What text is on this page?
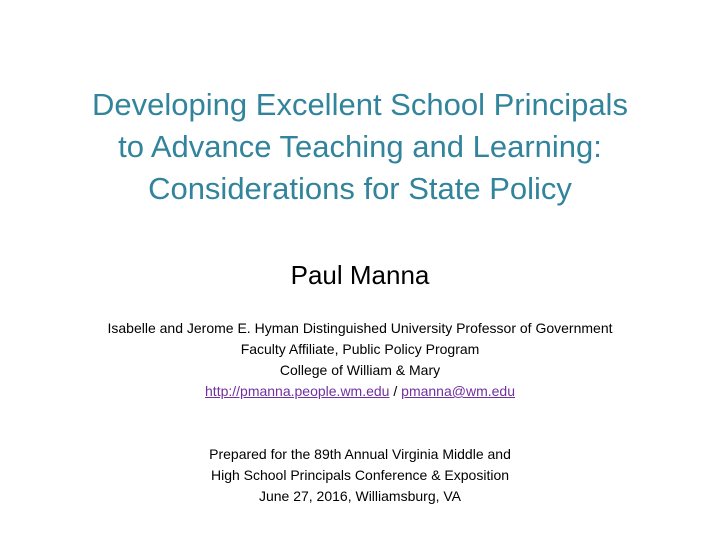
Developing Excellent School Principals
to Advance Teaching and Learning:
Considerations for State Policy
Paul Manna
Isabelle and Jerome E. Hyman Distinguished University Professor of Government
Faculty Affiliate, Public Policy Program
College of William & Mary
http://pmanna.people.wm.edu / pmanna@wm.edu
Prepared for the 89th Annual Virginia Middle and
High School Principals Conference & Exposition
June 27, 2016, Williamsburg, VA
